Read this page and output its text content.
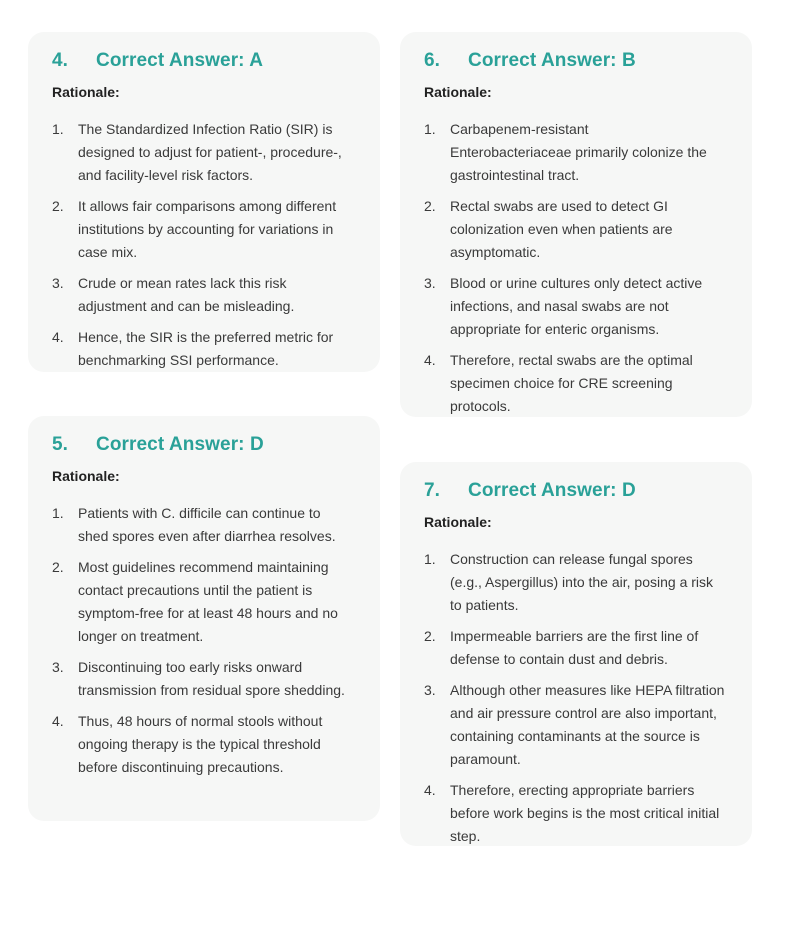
4.	Correct Answer: A
Rationale:
1.	The Standardized Infection Ratio (SIR) is designed to adjust for patient-, procedure-, and facility-level risk factors.
2.	It allows fair comparisons among different institutions by accounting for variations in case mix.
3.	Crude or mean rates lack this risk adjustment and can be misleading.
4.	Hence, the SIR is the preferred metric for benchmarking SSI performance.
6.	Correct Answer: B
Rationale:
1.	Carbapenem-resistant Enterobacteriaceae primarily colonize the gastrointestinal tract.
2.	Rectal swabs are used to detect GI colonization even when patients are asymptomatic.
3.	Blood or urine cultures only detect active infections, and nasal swabs are not appropriate for enteric organisms.
4.	Therefore, rectal swabs are the optimal specimen choice for CRE screening protocols.
5.	Correct Answer: D
Rationale:
1.	Patients with C. difficile can continue to shed spores even after diarrhea resolves.
2.	Most guidelines recommend maintaining contact precautions until the patient is symptom-free for at least 48 hours and no longer on treatment.
3.	Discontinuing too early risks onward transmission from residual spore shedding.
4.	Thus, 48 hours of normal stools without ongoing therapy is the typical threshold before discontinuing precautions.
7.	Correct Answer: D
Rationale:
1.	Construction can release fungal spores (e.g., Aspergillus) into the air, posing a risk to patients.
2.	Impermeable barriers are the first line of defense to contain dust and debris.
3.	Although other measures like HEPA filtration and air pressure control are also important, containing contaminants at the source is paramount.
4.	Therefore, erecting appropriate barriers before work begins is the most critical initial step.
